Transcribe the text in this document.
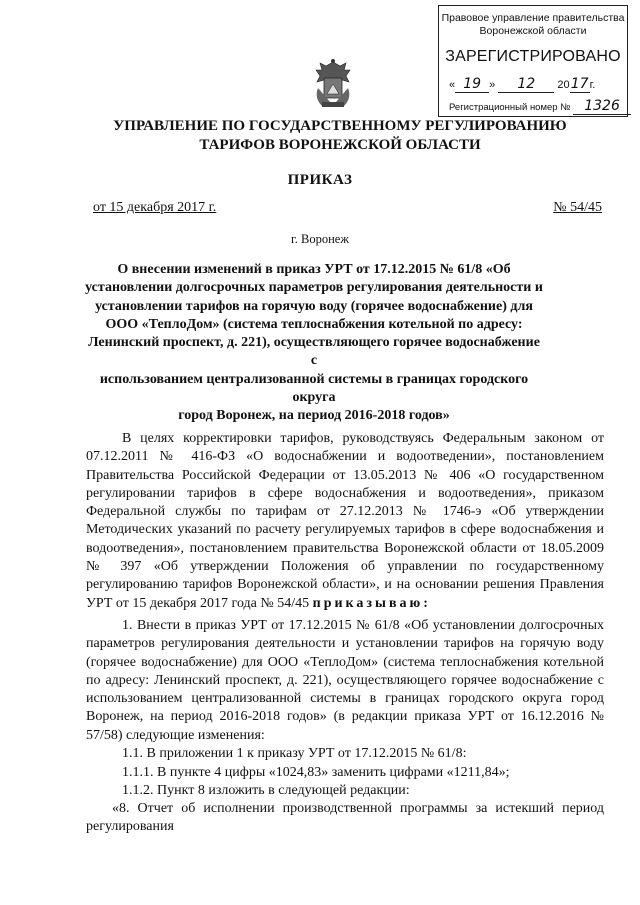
Правовое управление правительства
Воронежской области
ЗАРЕГИСТРИРОВАНО
« 19 » 12 2017г.
Регистрационный номер № 1326
УПРАВЛЕНИЕ ПО ГОСУДАРСТВЕННОМУ РЕГУЛИРОВАНИЮ
ТАРИФОВ ВОРОНЕЖСКОЙ ОБЛАСТИ
ПРИКАЗ
от 15 декабря 2017 г.	№ 54/45
г. Воронеж
О внесении изменений в приказ УРТ от 17.12.2015 № 61/8 «Об
установлении долгосрочных параметров регулирования деятельности и
установлении тарифов на горячую воду (горячее водоснабжение) для
ООО «ТеплоДом» (система теплоснабжения котельной по адресу:
Ленинский проспект, д. 221), осуществляющего горячее водоснабжение с
использованием централизованной системы в границах городского округа
город Воронеж, на период 2016-2018 годов»
В целях корректировки тарифов, руководствуясь Федеральным законом от 07.12.2011 № 416-ФЗ «О водоснабжении и водоотведении», постановлением Правительства Российской Федерации от 13.05.2013 № 406 «О государственном регулировании тарифов в сфере водоснабжения и водоотведения», приказом Федеральной службы по тарифам от 27.12.2013 № 1746-э «Об утверждении Методических указаний по расчету регулируемых тарифов в сфере водоснабжения и водоотведения», постановлением правительства Воронежской области от 18.05.2009 № 397 «Об утверждении Положения об управлении по государственному регулированию тарифов Воронежской области», и на основании решения Правления УРТ от 15 декабря 2017 года № 54/45 приказываю:
1. Внести в приказ УРТ от 17.12.2015 № 61/8 «Об установлении долгосрочных параметров регулирования деятельности и установлении тарифов на горячую воду (горячее водоснабжение) для ООО «ТеплоДом» (система теплоснабжения котельной по адресу: Ленинский проспект, д. 221), осуществляющего горячее водоснабжение с использованием централизованной системы в границах городского округа город Воронеж, на период 2016-2018 годов» (в редакции приказа УРТ от 16.12.2016 № 57/58) следующие изменения:
1.1. В приложении 1 к приказу УРТ от 17.12.2015 № 61/8:
1.1.1. В пункте 4 цифры «1024,83» заменить цифрами «1211,84»;
1.1.2. Пункт 8 изложить в следующей редакции:
«8. Отчет об исполнении производственной программы за истекший период
регулирования
